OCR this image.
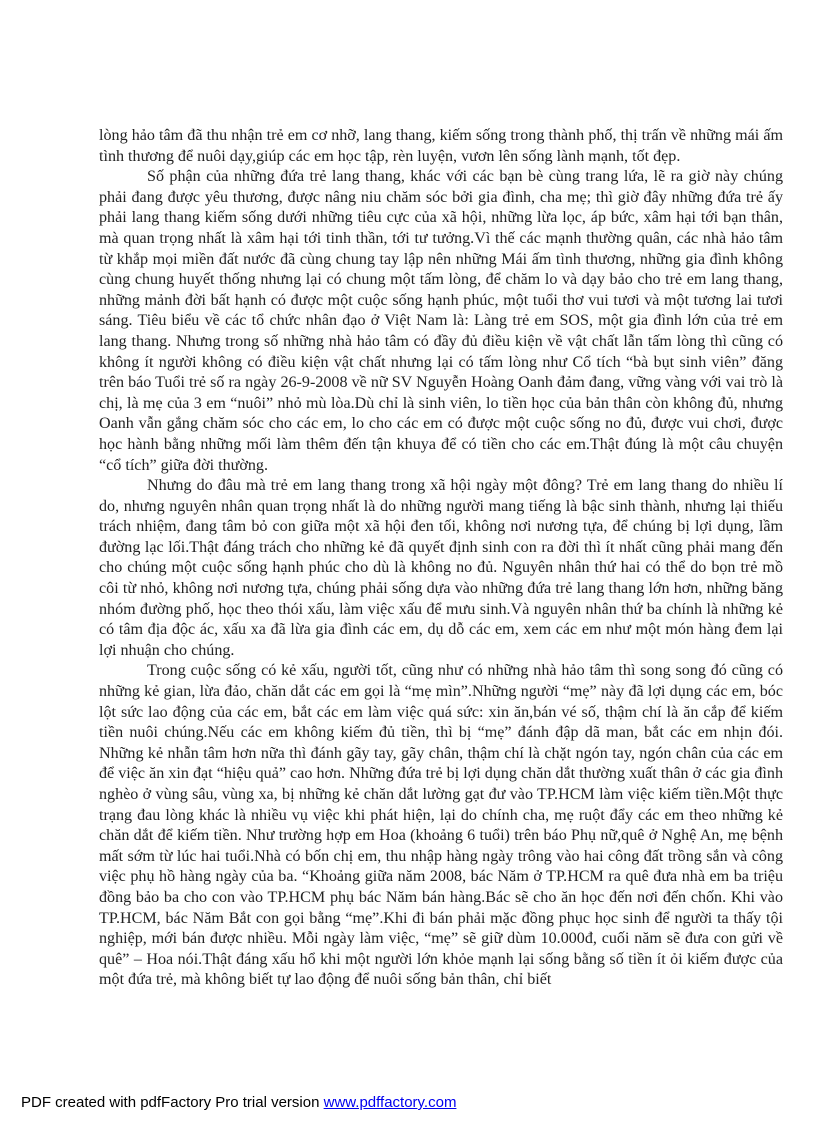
lòng hảo tâm đã thu nhận trẻ em cơ nhỡ, lang thang, kiếm sống trong thành phố, thị trấn về những mái ấm tình thương để nuôi dạy,giúp các em học tập, rèn luyện, vươn lên sống lành mạnh, tốt đẹp.

Số phận của những đứa trẻ lang thang, khác với các bạn bè cùng trang lứa, lẽ ra giờ này chúng phải đang được yêu thương, được nâng niu chăm sóc bởi gia đình, cha mẹ; thì giờ đây những đứa trẻ ấy phải lang thang kiếm sống dưới những tiêu cực của xã hội, những lừa lọc, áp bức, xâm hại tới bạn thân, mà quan trọng nhất là xâm hại tới tinh thần, tới tư tưởng.Vì thế các mạnh thường quân, các nhà hảo tâm từ khắp mọi miền đất nước đã cùng chung tay lập nên những Mái ấm tình thương, những gia đình không cùng chung huyết thống nhưng lại có chung một tấm lòng, để chăm lo và dạy bảo cho trẻ em lang thang, những mảnh đời bất hạnh có được một cuộc sống hạnh phúc, một tuổi thơ vui tươi và một tương lai tươi sáng. Tiêu biểu về các tổ chức nhân đạo ở Việt Nam là: Làng trẻ em SOS, một gia đình lớn của trẻ em lang thang. Nhưng trong số những nhà hảo tâm có đầy đủ điều kiện về vật chất lẫn tấm lòng thì cũng có không ít người không có điều kiện vật chất nhưng lại có tấm lòng như Cổ tích “bà bụt sinh viên” đăng trên báo Tuổi trẻ số ra ngày 26-9-2008 về nữ SV Nguyễn Hoàng Oanh đảm đang, vững vàng với vai trò là chị, là mẹ của 3 em “nuôi” nhỏ mù lòa.Dù chỉ là sinh viên, lo tiền học của bản thân còn không đủ, nhưng Oanh vẫn gắng chăm sóc cho các em, lo cho các em có được một cuộc sống no đủ, được vui chơi, được học hành bằng những mối làm thêm đến tận khuya để có tiền cho các em.Thật đúng là một câu chuyện “cổ tích” giữa đời thường.

Nhưng do đâu mà trẻ em lang thang trong xã hội ngày một đông? Trẻ em lang thang do nhiều lí do, nhưng nguyên nhân quan trọng nhất là do những người mang tiếng là bậc sinh thành, nhưng lại thiếu trách nhiệm, đang tâm bỏ con giữa một xã hội đen tối, không nơi nương tựa, để chúng bị lợi dụng, lầm đường lạc lối.Thật đáng trách cho những kẻ đã quyết định sinh con ra đời thì ít nhất cũng phải mang đến cho chúng một cuộc sống hạnh phúc cho dù là không no đủ. Nguyên nhân thứ hai có thể do bọn trẻ mồ côi từ nhỏ, không nơi nương tựa, chúng phải sống dựa vào những đứa trẻ lang thang lớn hơn, những băng nhóm đường phố, học theo thói xấu, làm việc xấu để mưu sinh.Và nguyên nhân thứ ba chính là những kẻ có tâm địa độc ác, xấu xa đã lừa gia đình các em, dụ dỗ các em, xem các em như một món hàng đem lại lợi nhuận cho chúng.

Trong cuộc sống có kẻ xấu, người tốt, cũng như có những nhà hảo tâm thì song song đó cũng có những kẻ gian, lừa đảo, chăn dắt các em gọi là “mẹ mìn”.Những người “mẹ” này đã lợi dụng các em, bóc lột sức lao động của các em, bắt các em làm việc quá sức: xin ăn,bán vé số, thậm chí là ăn cắp để kiếm tiền nuôi chúng.Nếu các em không kiếm đủ tiền, thì bị “mẹ” đánh đập dã man, bắt các em nhịn đói. Những kẻ nhẫn tâm hơn nữa thì đánh gãy tay, gãy chân, thậm chí là chặt ngón tay, ngón chân của các em để việc ăn xin đạt “hiệu quả” cao hơn. Những đứa trẻ bị lợi dụng chăn dắt thường xuất thân ở các gia đình nghèo ở vùng sâu, vùng xa, bị những kẻ chăn dắt lường gạt đư vào TP.HCM làm việc kiếm tiền.Một thực trạng đau lòng khác là nhiều vụ việc khi phát hiện, lại do chính cha, mẹ ruột đẩy các em theo những kẻ chăn dắt để kiếm tiền. Như trường hợp em Hoa (khoảng 6 tuổi) trên báo Phụ nữ,quê ở Nghệ An, mẹ bệnh mất sớm từ lúc hai tuổi.Nhà có bốn chị em, thu nhập hàng ngày trông vào hai công đất trồng sắn và công việc phụ hồ hàng ngày của ba. “Khoảng giữa năm 2008, bác Năm ở TP.HCM ra quê đưa nhà em ba triệu đồng bảo ba cho con vào TP.HCM phụ bác Năm bán hàng.Bác sẽ cho ăn học đến nơi đến chốn. Khi vào TP.HCM, bác Năm Bắt con gọi bằng “mẹ”.Khi đi bán phải mặc đồng phục học sinh để người ta thấy tội nghiệp, mới bán được nhiều. Mỗi ngày làm việc, “mẹ” sẽ giữ dùm 10.000đ, cuối năm sẽ đưa con gửi về quê” – Hoa nói.Thật đáng xấu hổ khi một người lớn khỏe mạnh lại sống bằng số tiền ít ỏi kiếm được của một đứa trẻ, mà không biết tự lao động để nuôi sống bản thân, chỉ biết

PDF created with pdfFactory Pro trial version www.pdffactory.com
